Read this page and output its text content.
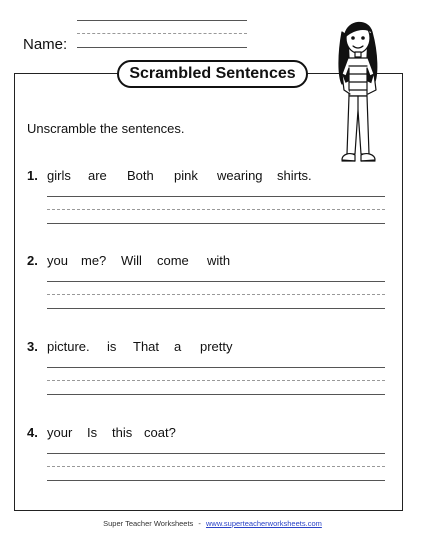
Name:
Scrambled Sentences
Unscramble the sentences.
1. girls	are	Both	pink	wearing	shirts.
2. you	me?	Will	come	with
3. picture.	is	That	a	pretty
4. your	Is	this coat?
Super Teacher Worksheets - www.superteacherworksheets.com
